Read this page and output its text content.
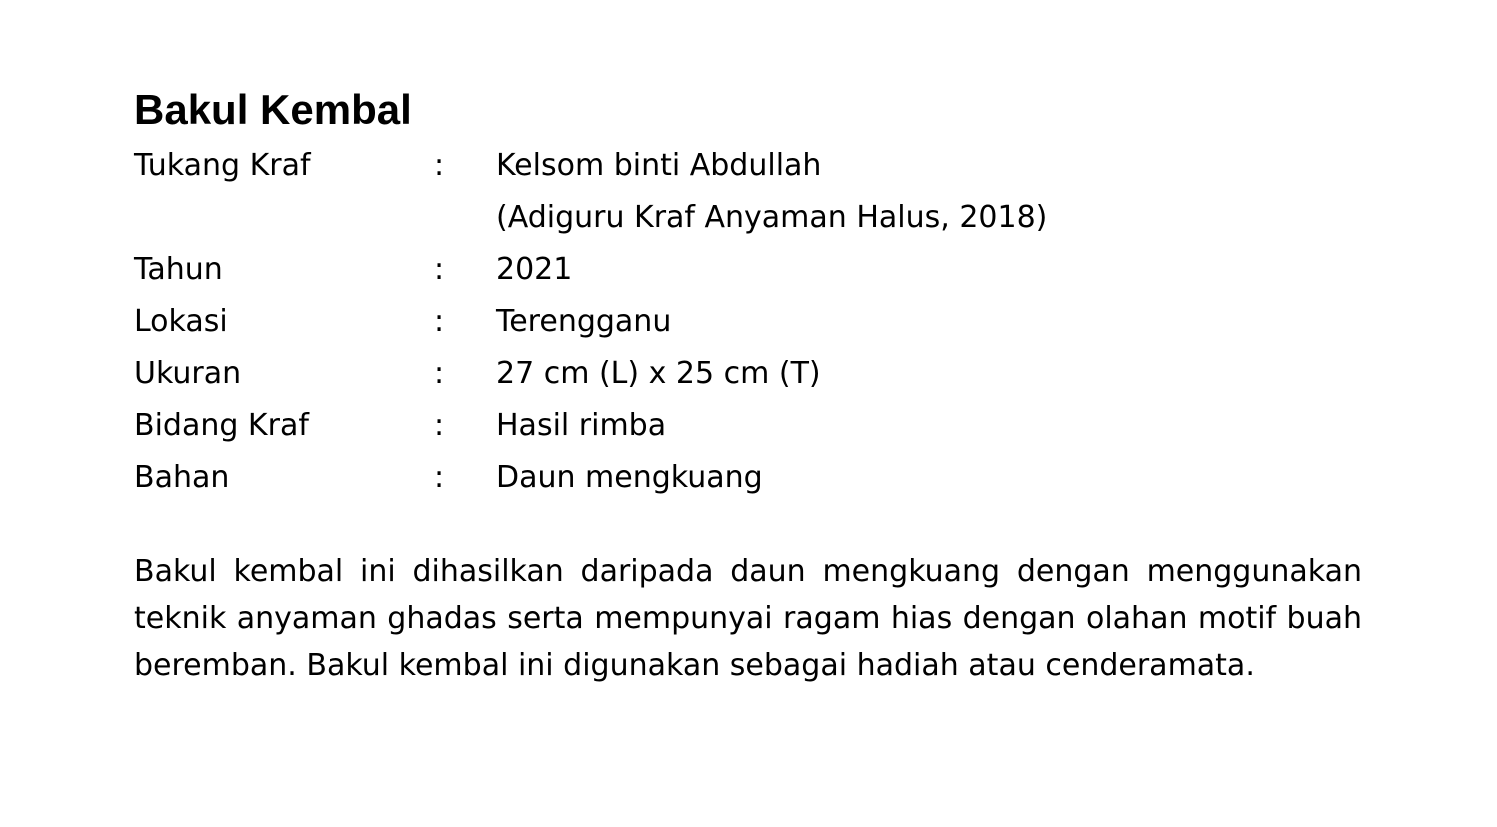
Bakul Kembal
Tukang Kraf	: Kelsom binti Abdullah
(Adiguru Kraf Anyaman Halus, 2018)
Tahun	: 2021
Lokasi	: Terengganu
Ukuran	: 27 cm (L) x 25 cm (T)
Bidang Kraf	: Hasil rimba
Bahan	: Daun mengkuang

Bakul kembal ini dihasilkan daripada daun mengkuang dengan menggunakan teknik anyaman ghadas serta mempunyai ragam hias dengan olahan motif buah beremban. Bakul kembal ini digunakan sebagai hadiah atau cenderamata.
